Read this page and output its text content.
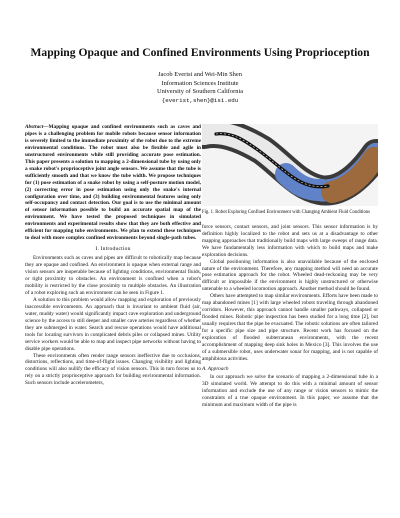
Mapping Opaque and Confined Environments Using Proprioception
Jacob Everist and Wei-Min Shen
Information Sciences Institute
University of Southern California
{everist,shen}@isi.edu

Abstract—Mapping opaque and confined environments such as caves and pipes is a challenging problem for mobile robots because sensor information is severely limited to the immediate proximity of the robot due to the extreme environmental conditions. The robot must also be flexible and agile in unstructured environments while still providing accurate pose estimation. This paper presents a solution to mapping a 2-dimensional tube by using only a snake robot's proprioceptive joint angle sensors. We assume that the tube is sufficiently smooth and that we know the tube width. We propose techniques for (1) pose estimation of a snake robot by using a self-posture motion model, (2) correcting error in pose estimation using only the snake's internal configuration over time, and (3) building environmental features using only self-occupancy and contact detection. Our goal is to use the minimal amount of sensor information possible to build an accurate spatial map of the environment. We have tested the proposed techniques in simulated environments and experimental results show that they are both effective and efficient for mapping tube environments. We plan to extend these techniques to deal with more complex confined environments beyond single-path tubes.

I. Introduction

Environments such as caves and pipes are difficult to robotically map because they are opaque and confined. An environment is opaque when external range and vision sensors are inoperable because of lighting conditions, environmental fluids, or tight proximity to obstacles. An environment is confined when a robot's mobility is restricted by the close proximity to multiple obstacles. An illustration of a robot exploring such an environment can be seen in Figure 1.

A solution to this problem would allow mapping and exploration of previously inaccessible environments. An approach that is invariant to ambient fluid (air, water, muddy water) would significantly impact cave exploration and underground science by the access to still deeper and smaller cave arteries regardless of whether they are submerged in water. Search and rescue operations would have additional tools for locating survivors in complicated debris piles or collapsed mines. Utility service workers would be able to map and inspect pipe networks without having to disable pipe operations.

These environments often render range sensors ineffective due to occlusions, distortions, reflections, and time-of-flight issues. Changing visibility and lighting conditions will also nullify the efficacy of vision sensors. This in turn forces us to rely on a strictly proprioceptive approach for building environmental information. Such sensors include accelerometers,

Fig. 1. Robot Exploring Confined Environment with Changing Ambient Fluid Conditions

force sensors, contact sensors, and joint sensors. This sensor information is by definition highly localized to the robot and sets us at a disadvantage to other mapping approaches that traditionally build maps with large sweeps of range data. We have fundamentally less information with which to build maps and make exploration decisions.

Global positioning information is also unavailable because of the enclosed nature of the environment. Therefore, any mapping method will need an accurate pose estimation approach for the robot. Wheeled dead-reckoning may be very difficult or impossible if the environment is highly unstructured or otherwise untenable to a wheeled locomotion approach. Another method should be found.

Others have attempted to map similar environments. Efforts have been made to map abandoned mines [1] with large wheeled robots traveling through abandoned corridors. However, this approach cannot handle smaller pathways, collapsed or flooded mines. Robotic pipe inspection has been studied for a long time [2], but usually requires that the pipe be evacuated. The robotic solutions are often tailored for a specific pipe size and pipe structure. Recent work has focused on the exploration of flooded subterranean environments, with the recent accomplishment of mapping deep sink holes in Mexico [3]. This involves the use of a submersible robot, uses underwater sonar for mapping, and is not capable of amphibious activities.

A. Approach

In our approach we solve the scenario of mapping a 2-dimensional tube in a 3D simulated world. We attempt to do this with a minimal amount of sensor information and exclude the use of any range or vision sensors to mimic the constraints of a true opaque environment. In this paper, we assume that the minimum and maximum width of the pipe is
